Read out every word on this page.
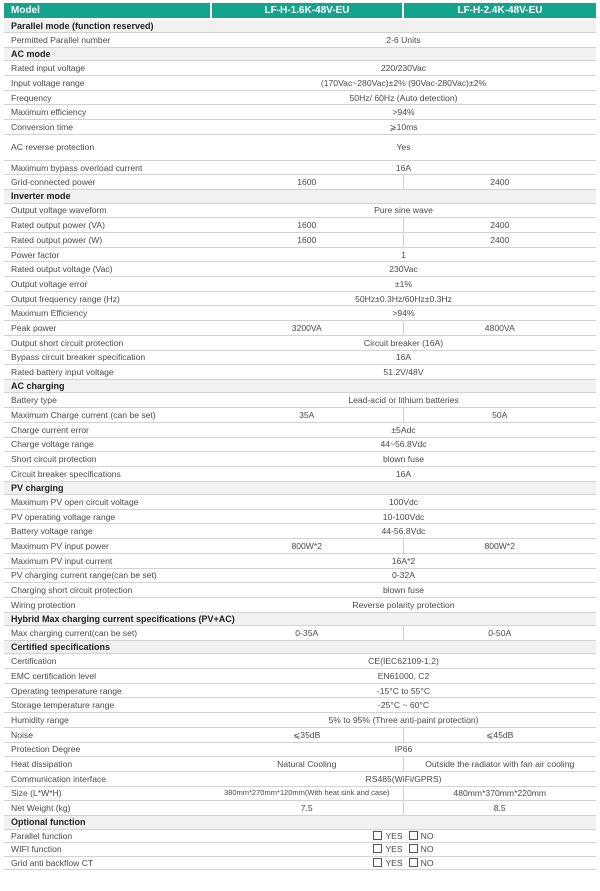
Model	LF-H-1.6K-48V-EU	LF-H-2.4K-48V-EU
Parallel mode (function reserved)		
Permitted Parallel number	2-6 Units	
AC mode		
Rated input voltage	220/230Vac	
Input voltage range	(170Vac~280Vac)±2% (90Vac-280Vac)±2%	
Frequency	50Hz/ 60Hz (Auto detection)	
Maximum efficiency	>94%	
Conversion time	⩾10ms	
AC reverse protection	Yes	
Maximum bypass overload current	16A	
Grid-connected power	1600	2400
Inverter mode		
Output voltage waveform	Pure sine wave	
Rated output power (VA)	1600	2400
Rated output power (W)	1600	2400
Power factor	1	
Rated output voltage (Vac)	230Vac	
Output voltage error	±1%	
Output frequency range (Hz)	50Hz±0.3Hz/60Hz±0.3Hz	
Maximum Efficiency	>94%	
Peak power	3200VA	4800VA
Output short circuit protection	Circuit breaker (16A)	
Bypass circuit breaker specification	16A	
Rated battery input voltage	51.2V/48V	
AC charging		
Battery type	Lead-acid or lithium batteries	
Maximum Charge current (can be set)	35A	50A
Charge current error	±5Adc	
Charge voltage range	44~56.8Vdc	
Short circuit protection	blown fuse	
Circuit breaker specifications	16A	
PV charging		
Maximum PV open circuit voltage	100Vdc	
PV operating voltage range	10-100Vdc	
Battery voltage range	44-56.8Vdc	
Maximum PV input power	800W*2	800W*2
Maximum PV input current	16A*2	
PV charging current range(can be set)	0-32A	
Charging short circuit protection	blown fuse	
Wiring protection	Reverse polarity protection	
Hybrid Max charging current specifications (PV+AC)		
Max charging current(can be set)	0-35A	0-50A
Certified specifications		
Certification	CE(IEC62109-1,2)	
EMC certification level	EN61000, C2	
Operating temperature range	-15°C to 55°C	
Storage temperature range	-25°C ~ 60°C	
Humidity range	5% to 95% (Three anti-paint protection)	
Noise	⩽35dB	⩽45dB
Protection Degree	IP66	
Heat dissipation	Natural Cooling	Outside the radiator with fan air cooling
Communication interface	RS485(WiFi/GPRS)	
Size (L*W*H)	380mm*270mm*120mm(With heat sink and case)	480mm*370mm*220mm
Net Weight (kg)	7.5	8.5
Optional function		
Parallel function	YES NO	
WIFI function	YES NO	
Grid anti backflow CT	YES NO	
